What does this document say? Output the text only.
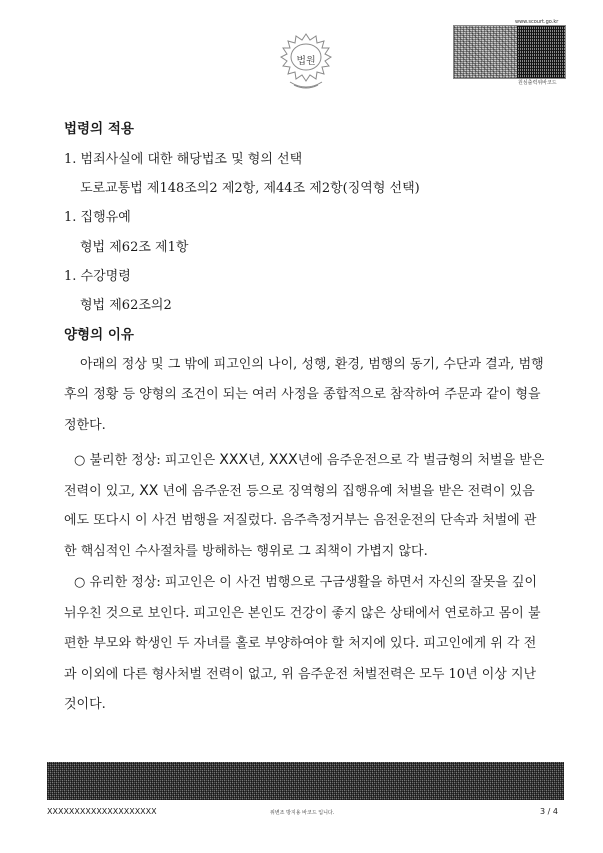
법원
www.scourt.go.kr
원심출력위바코드
법령의 적용
1. 범죄사실에 대한 해당법조 및 형의 선택
도로교통법 제148조의2 제2항, 제44조 제2항(징역형 선택)
1. 집행유예
형법 제62조 제1항
1. 수강명령
형법 제62조의2
양형의 이유
아래의 정상 및 그 밖에 피고인의 나이, 성행, 환경, 범행의 동기, 수단과 결과, 범행
후의 정황 등 양형의 조건이 되는 여러 사정을 종합적으로 참작하여 주문과 같이 형을
정한다.
○ 불리한 정상: 피고인은 XXX년, XXX년에 음주운전으로 각 벌금형의 처벌을 받은
전력이 있고, XX 년에 음주운전 등으로 징역형의 집행유예 처벌을 받은 전력이 있음
에도 또다시 이 사건 범행을 저질렀다. 음주측정거부는 음전운전의 단속과 처벌에 관
한 핵심적인 수사절차를 방해하는 행위로 그 죄책이 가볍지 않다.
○ 유리한 정상: 피고인은 이 사건 범행으로 구금생활을 하면서 자신의 잘못을 깊이
뉘우친 것으로 보인다. 피고인은 본인도 건강이 좋지 않은 상태에서 연로하고 몸이 불
편한 부모와 학생인 두 자녀를 홀로 부양하여야 할 처지에 있다. 피고인에게 위 각 전
과 이외에 다른 형사처벌 전력이 없고, 위 음주운전 처벌전력은 모두 10년 이상 지난
것이다.
XXXXXXXXXXXXXXXXXXXX	위변조 방지용 바코드 입니다.	3 / 4
